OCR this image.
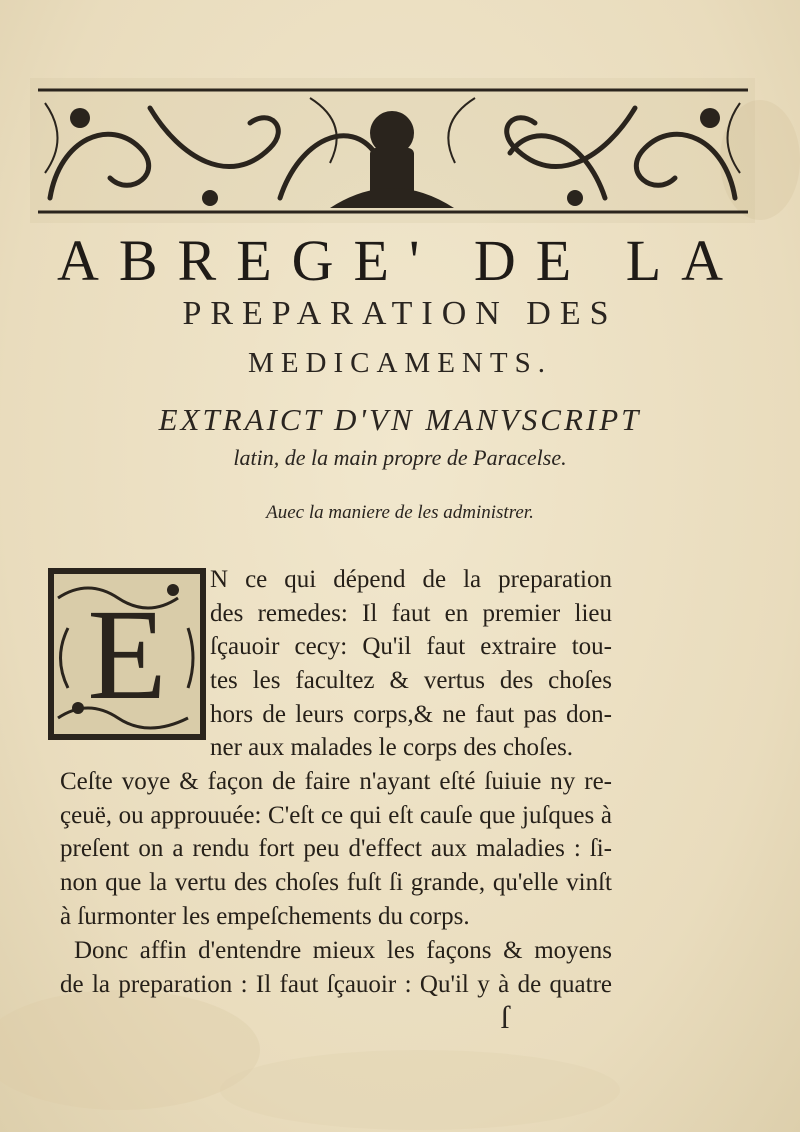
ABREGE' DE LA
PREPARATION DES
MEDICAMENTS.
EXTRAICT D'VN MANVSCRIPT
latin, de la main propre de Paracelse.
Auec la maniere de les administrer.
E
N ce qui dépend de la preparation
des remedes: Il faut en premier lieu
ſçauoir cecy: Qu'il faut extraire tou-
tes les facultez & vertus des choſes
hors de leurs corps,& ne faut pas don-
ner aux malades le corps des choſes.
Ceſte voye & façon de faire n'ayant eſté ſuiuie ny re-
çeuë, ou approuuée: C'eſt ce qui eſt cauſe que juſques à
preſent on a rendu fort peu d'effect aux maladies : ſi-
non que la vertu des choſes fuſt ſi grande, qu'elle vinſt
à ſurmonter les empeſchements du corps.
Donc affin d'entendre mieux les façons & moyens
de la preparation : Il faut ſçauoir : Qu'il y à de quatre
ſ
